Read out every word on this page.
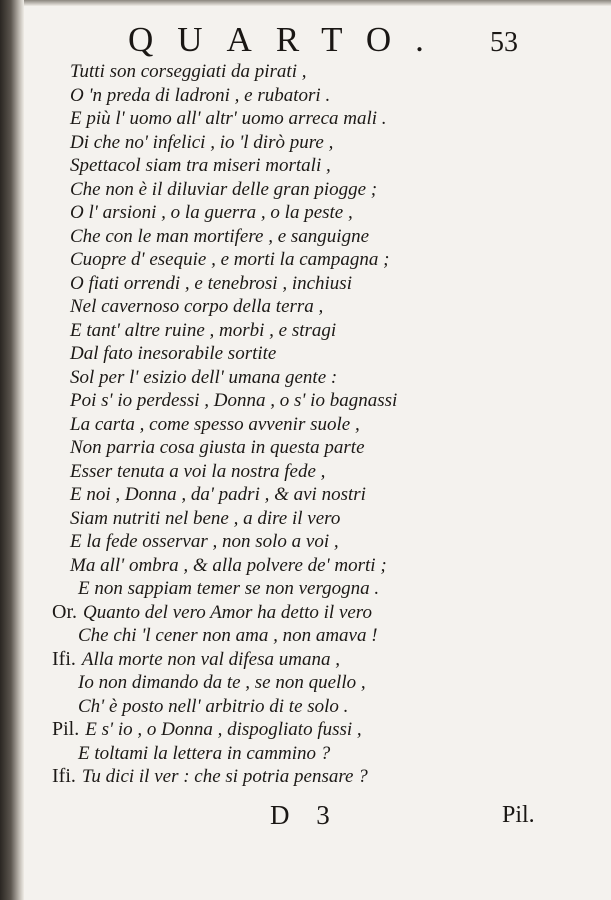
QUARTO. 53
Tutti son corseggiati da pirati ,
O 'n preda di ladroni , e rubatori .
E più l' uomo all' altr' uomo arreca mali .
Di che no' infelici , io 'l dirò pure ,
Spettacol siam tra miseri mortali ,
Che non è il diluviar delle gran piogge ;
O l' arsioni , o la guerra , o la peste ,
Che con le man mortifere , e sanguigne
Cuopre d' esequie , e morti la campagna ;
O fiati orrendi , e tenebrosi , inchiusi
Nel cavernoso corpo della terra ,
E tant' altre ruine , morbi , e stragi
Dal fato inesorabile sortite
Sol per l' esizio dell' umana gente :
Poi s' io perdessi , Donna , o s' io bagnassi
La carta , come spesso avvenir suole ,
Non parria cosa giusta in questa parte
Esser tenuta a voi la nostra fede ,
E noi , Donna , da' padri , & avi nostri
Siam nutriti nel bene , a dire il vero
E la fede osservar , non solo a voi ,
Ma all' ombra , & alla polvere de' morti ;
E non sappiam temer se non vergogna .
Or. Quanto del vero Amor ha detto il vero
Che chi 'l cener non ama , non amava !
Ifi. Alla morte non val difesa umana ,
Io non dimando da te , se non quello ,
Ch' è posto nell' arbitrio di te solo .
Pil. E s' io , o Donna , dispogliato fussi ,
E toltami la lettera in cammino ?
Ifi. Tu dici il ver : che si potria pensare ?
D 3	Pil.
